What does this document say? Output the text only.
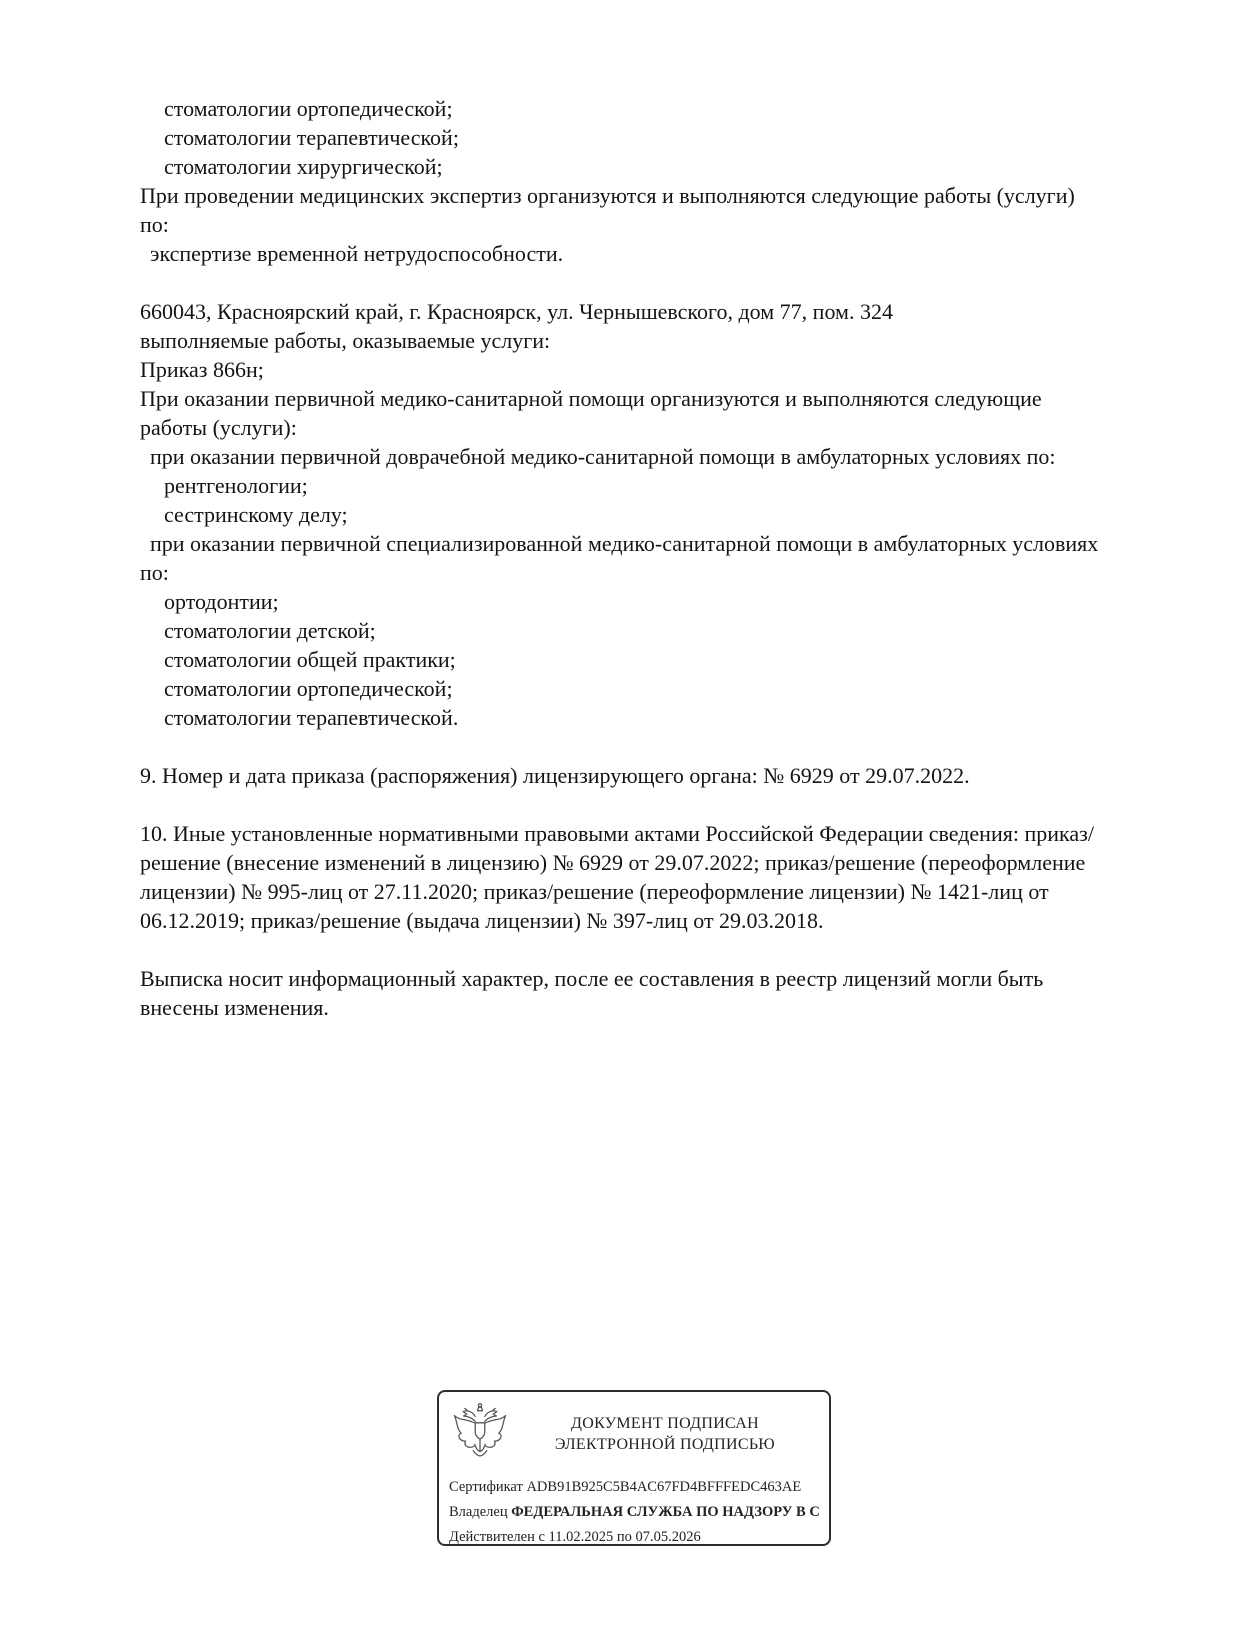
стоматологии ортопедической;

стоматологии терапевтической;

стоматологии хирургической;

При проведении медицинских экспертиз организуются и выполняются следующие работы (услуги) по:

экспертизе временной нетрудоспособности.

660043, Красноярский край, г. Красноярск, ул. Чернышевского, дом 77, пом. 324

выполняемые работы, оказываемые услуги:

Приказ 866н;

При оказании первичной медико-санитарной помощи организуются и выполняются следующие работы (услуги):

при оказании первичной доврачебной медико-санитарной помощи в амбулаторных условиях по:

рентгенологии;

сестринскому делу;

при оказании первичной специализированной медико-санитарной помощи в амбулаторных условиях по:

ортодонтии;

стоматологии детской;

стоматологии общей практики;

стоматологии ортопедической;

стоматологии терапевтической.

9. Номер и дата приказа (распоряжения) лицензирующего органа: № 6929 от 29.07.2022.

10. Иные установленные нормативными правовыми актами Российской Федерации сведения: приказ/решение (внесение изменений в лицензию) № 6929 от 29.07.2022; приказ/решение (переоформление лицензии) № 995-лиц от 27.11.2020; приказ/решение (переоформление лицензии) № 1421-лиц от 06.12.2019; приказ/решение (выдача лицензии) № 397-лиц от 29.03.2018.

Выписка носит информационный характер, после ее составления в реестр лицензий могли быть внесены изменения.

ДОКУМЕНТ ПОДПИСАН
ЭЛЕКТРОННОЙ ПОДПИСЬЮ
Сертификат ADB91B925C5B4AC67FD4BFFFEDC463AE
Владелец ФЕДЕРАЛЬНАЯ СЛУЖБА ПО НАДЗОРУ В С
Действителен с 11.02.2025 по 07.05.2026
